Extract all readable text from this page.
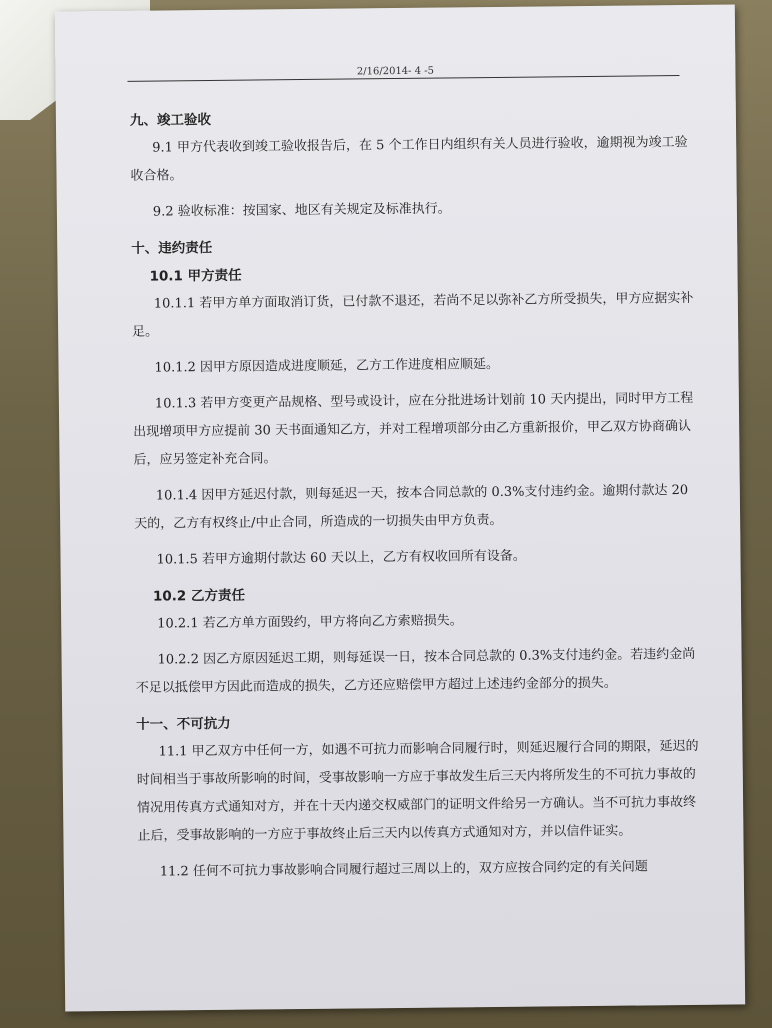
2/16/2014- 4 -5

九、竣工验收

9.1 甲方代表收到竣工验收报告后，在 5 个工作日内组织有关人员进行验收，逾期视为竣工验收合格。

9.2 验收标准：按国家、地区有关规定及标准执行。

十、违约责任

10.1 甲方责任

10.1.1 若甲方单方面取消订货，已付款不退还，若尚不足以弥补乙方所受损失，甲方应据实补足。

10.1.2 因甲方原因造成进度顺延，乙方工作进度相应顺延。

10.1.3 若甲方变更产品规格、型号或设计，应在分批进场计划前 10 天内提出，同时甲方工程出现增项甲方应提前 30 天书面通知乙方，并对工程增项部分由乙方重新报价，甲乙双方协商确认后，应另签定补充合同。

10.1.4 因甲方延迟付款，则每延迟一天，按本合同总款的 0.3%支付违约金。逾期付款达 20 天的，乙方有权终止/中止合同，所造成的一切损失由甲方负责。

10.1.5 若甲方逾期付款达 60 天以上，乙方有权收回所有设备。

10.2 乙方责任

10.2.1 若乙方单方面毁约，甲方将向乙方索赔损失。

10.2.2 因乙方原因延迟工期，则每延误一日，按本合同总款的 0.3%支付违约金。若违约金尚不足以抵偿甲方因此而造成的损失，乙方还应赔偿甲方超过上述违约金部分的损失。

十一、不可抗力

11.1 甲乙双方中任何一方，如遇不可抗力而影响合同履行时，则延迟履行合同的期限，延迟的时间相当于事故所影响的时间，受事故影响一方应于事故发生后三天内将所发生的不可抗力事故的情况用传真方式通知对方，并在十天内递交权威部门的证明文件给另一方确认。当不可抗力事故终止后，受事故影响的一方应于事故终止后三天内以传真方式通知对方，并以信件证实。

11.2 任何不可抗力事故影响合同履行超过三周以上的，双方应按合同约定的有关问题
